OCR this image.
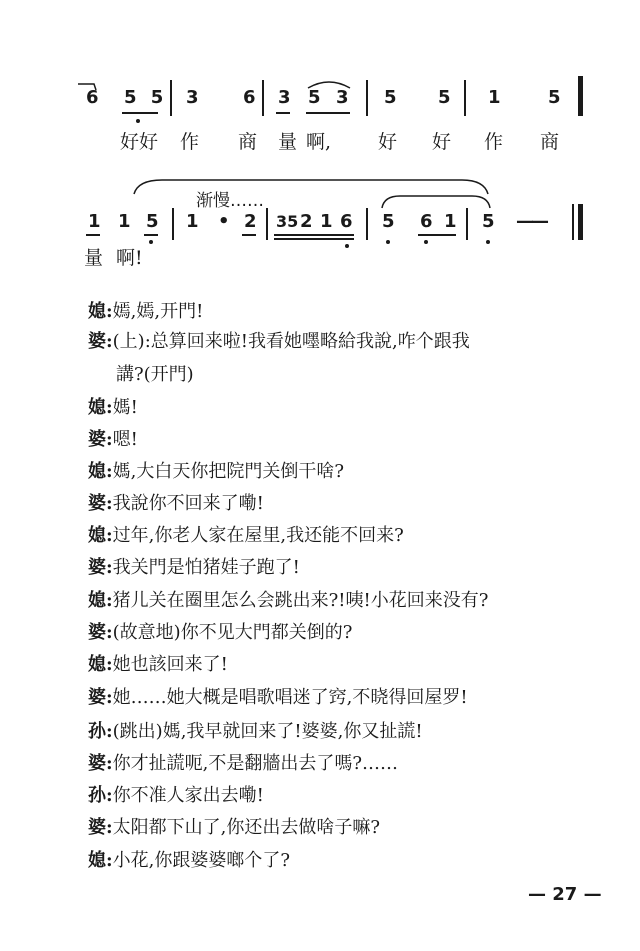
6 5 5 3 6 3 5 3 5 5 1	5
好好 作 商 量 啊, 好 好 作 商
渐慢……
1 1 5 1 • 2 35 2 1 6 5 6 1 5 ——
量 啊!
媳:嫣,嫣,开門!
婆:(上):总算回来啦!我看她嚜略給我說,咋个跟我
講?(开門)
媳:媽!
婆:嗯!
媳:媽,大白天你把院門关倒干啥?
婆:我說你不回来了嘞!
媳:过年,你老人家在屋里,我还能不回来?
婆:我关門是怕猪娃子跑了!
媳:猪儿关在圈里怎么会跳出来?!咦!小花回来没有?
婆:(故意地)你不见大門都关倒的?
媳:她也該回来了!
婆:她……她大概是唱歌唱迷了窍,不晓得回屋罗!
孙:(跳出)媽,我早就回来了!婆婆,你又扯謊!
婆:你才扯謊呃,不是翻牆出去了嗎?……
孙:你不准人家出去嘞!
婆:太阳都下山了,你还出去做啥子嘛?
媳:小花,你跟婆婆啷个了?
— 27 —
